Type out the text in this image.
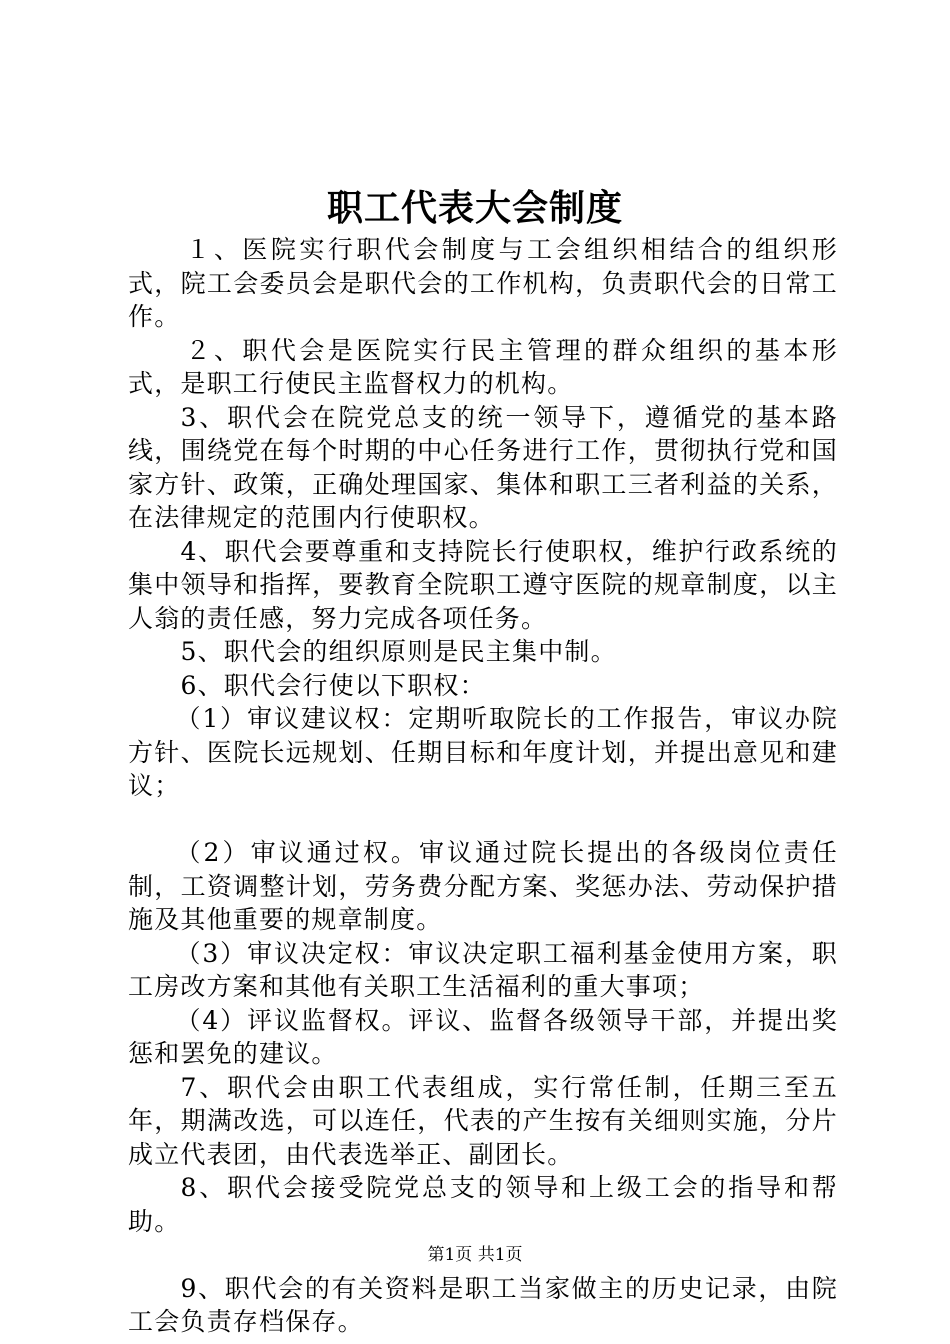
职工代表大会制度

１、医院实行职代会制度与工会组织相结合的组织形式，院工会委员会是职代会的工作机构，负责职代会的日常工作。

２、职代会是医院实行民主管理的群众组织的基本形式，是职工行使民主监督权力的机构。

3、职代会在院党总支的统一领导下，遵循党的基本路线，围绕党在每个时期的中心任务进行工作，贯彻执行党和国家方针、政策，正确处理国家、集体和职工三者利益的关系，在法律规定的范围内行使职权。

4、职代会要尊重和支持院长行使职权，维护行政系统的集中领导和指挥，要教育全院职工遵守医院的规章制度，以主人翁的责任感，努力完成各项任务。

5、职代会的组织原则是民主集中制。

6、职代会行使以下职权：

（1）审议建议权：定期听取院长的工作报告，审议办院方针、医院长远规划、任期目标和年度计划，并提出意见和建议；

（2）审议通过权。审议通过院长提出的各级岗位责任制，工资调整计划，劳务费分配方案、奖惩办法、劳动保护措施及其他重要的规章制度。

（3）审议决定权：审议决定职工福利基金使用方案，职工房改方案和其他有关职工生活福利的重大事项；

（4）评议监督权。评议、监督各级领导干部，并提出奖惩和罢免的建议。

7、职代会由职工代表组成，实行常任制，任期三至五年，期满改选，可以连任，代表的产生按有关细则实施，分片成立代表团，由代表选举正、副团长。

8、职代会接受院党总支的领导和上级工会的指导和帮助。

9、职代会的有关资料是职工当家做主的历史记录，由院工会负责存档保存。

第1页 共1页
